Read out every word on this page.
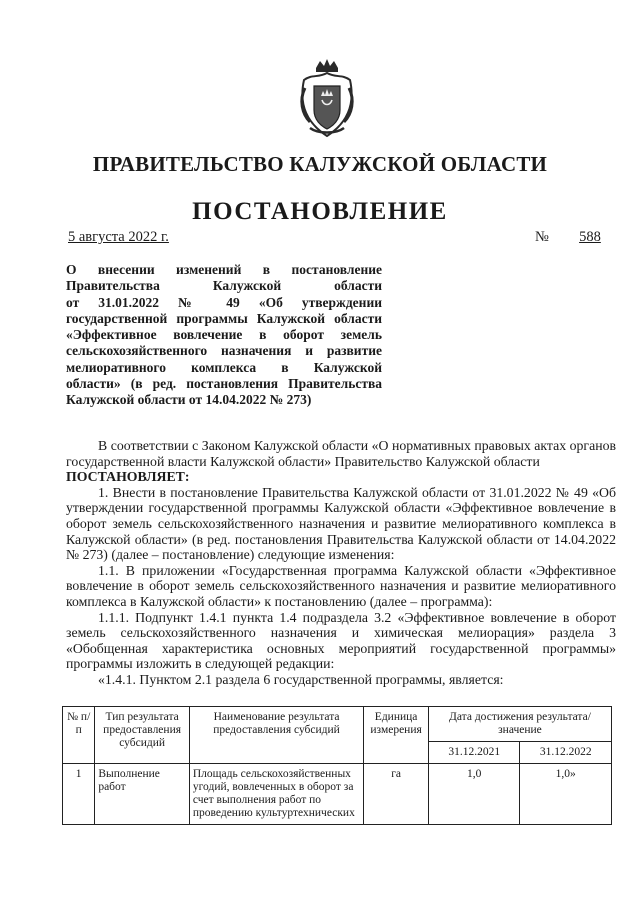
ПРАВИТЕЛЬСТВО КАЛУЖСКОЙ ОБЛАСТИ
ПОСТАНОВЛЕНИЕ
5 августа 2022 г.	№ 588
О внесении изменений в постановление
Правительства Калужской области
от 31.01.2022 № 49 «Об утверждении
государственной программы Калужской области
«Эффективное вовлечение в оборот земель
сельскохозяйственного назначения и развитие
мелиоративного комплекса в Калужской
области» (в ред. постановления Правительства
Калужской области от 14.04.2022 № 273)

В соответствии с Законом Калужской области «О нормативных правовых актах органов государственной власти Калужской области» Правительство Калужской области

ПОСТАНОВЛЯЕТ:

1. Внести в постановление Правительства Калужской области от 31.01.2022 № 49 «Об утверждении государственной программы Калужской области «Эффективное вовлечение в оборот земель сельскохозяйственного назначения и развитие мелиоративного комплекса в Калужской области» (в ред. постановления Правительства Калужской области от 14.04.2022 № 273) (далее – постановление) следующие изменения:

1.1. В приложении «Государственная программа Калужской области «Эффективное вовлечение в оборот земель сельскохозяйственного назначения и развитие мелиоративного комплекса в Калужской области» к постановлению (далее – программа):

1.1.1. Подпункт 1.4.1 пункта 1.4 подраздела 3.2 «Эффективное вовлечение в оборот земель сельскохозяйственного назначения и химическая мелиорация» раздела 3 «Обобщенная характеристика основных мероприятий государственной программы» программы изложить в следующей редакции:

«1.4.1. Пунктом 2.1 раздела 6 государственной программы, является:

№ п/п	Тип результата предоставления субсидий	Наименование результата предоставления субсидий	Единица измерения	Дата достижения результата/значение	
				31.12.2021	31.12.2022
1	Выполнение работ	Площадь сельскохозяйственных угодий, вовлеченных в оборот за счет выполнения работ по проведению культуртехнических	га	1,0	1,0»
